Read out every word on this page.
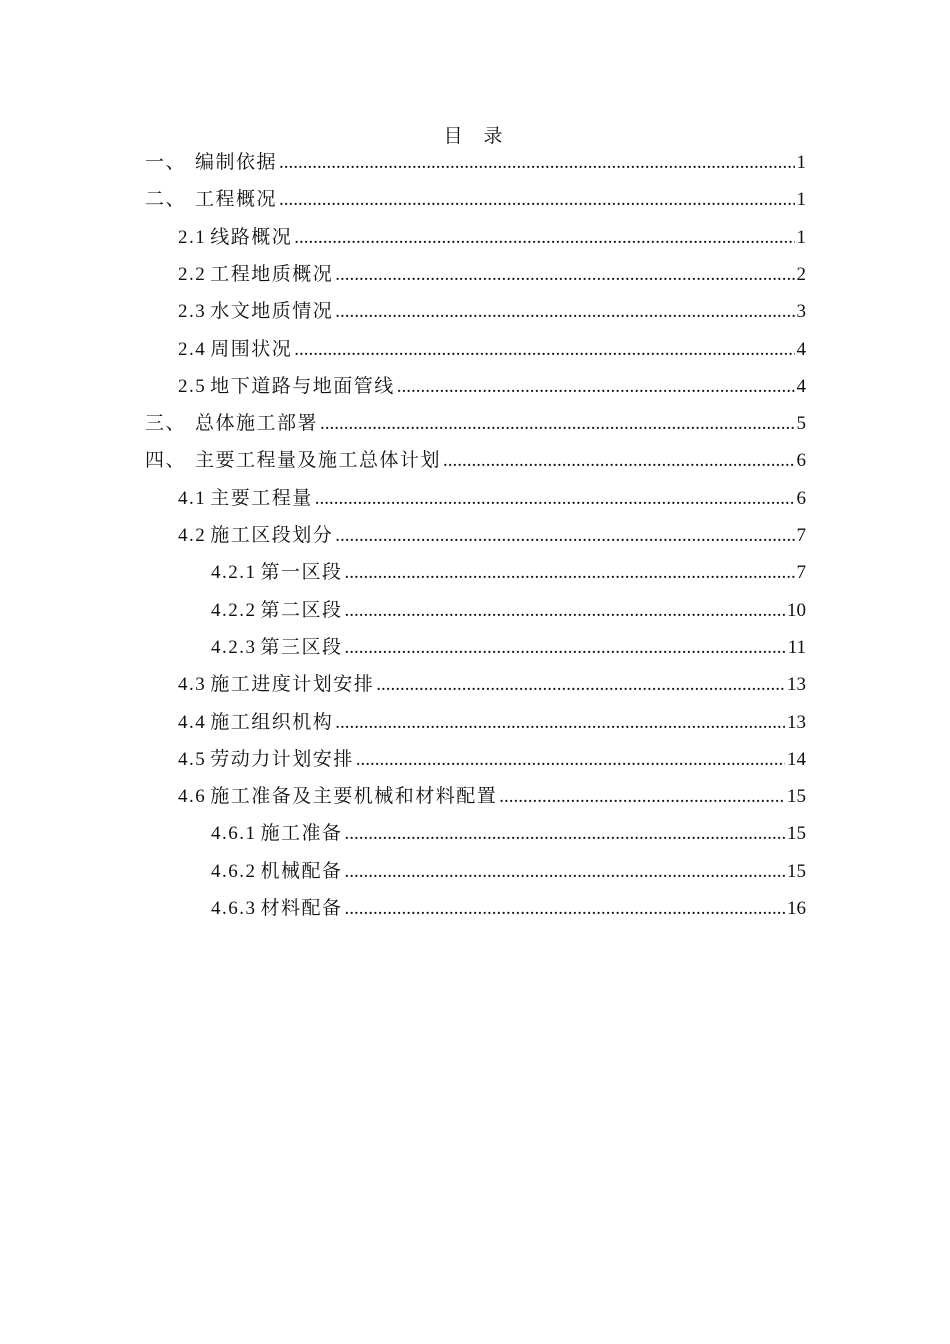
目 录
一、 编制依据 .....	1
二、 工程概况 .....	1
2.1 线路概况 .....	1
2.2 工程地质概况 .....	2
2.3 水文地质情况 .....	3
2.4 周围状况 .....	4
2.5 地下道路与地面管线 .....	4
三、 总体施工部署 .....	5
四、 主要工程量及施工总体计划 .....	6
4.1 主要工程量 .....	6
4.2 施工区段划分 .....	7
4.2.1 第一区段 .....	7
4.2.2 第二区段 .....	10
4.2.3 第三区段 .....	11
4.3 施工进度计划安排 .....	13
4.4 施工组织机构 .....	13
4.5 劳动力计划安排 .....	14
4.6 施工准备及主要机械和材料配置 .....	15
4.6.1 施工准备 .....	15
4.6.2 机械配备 .....	15
4.6.3 材料配备 .....	16
